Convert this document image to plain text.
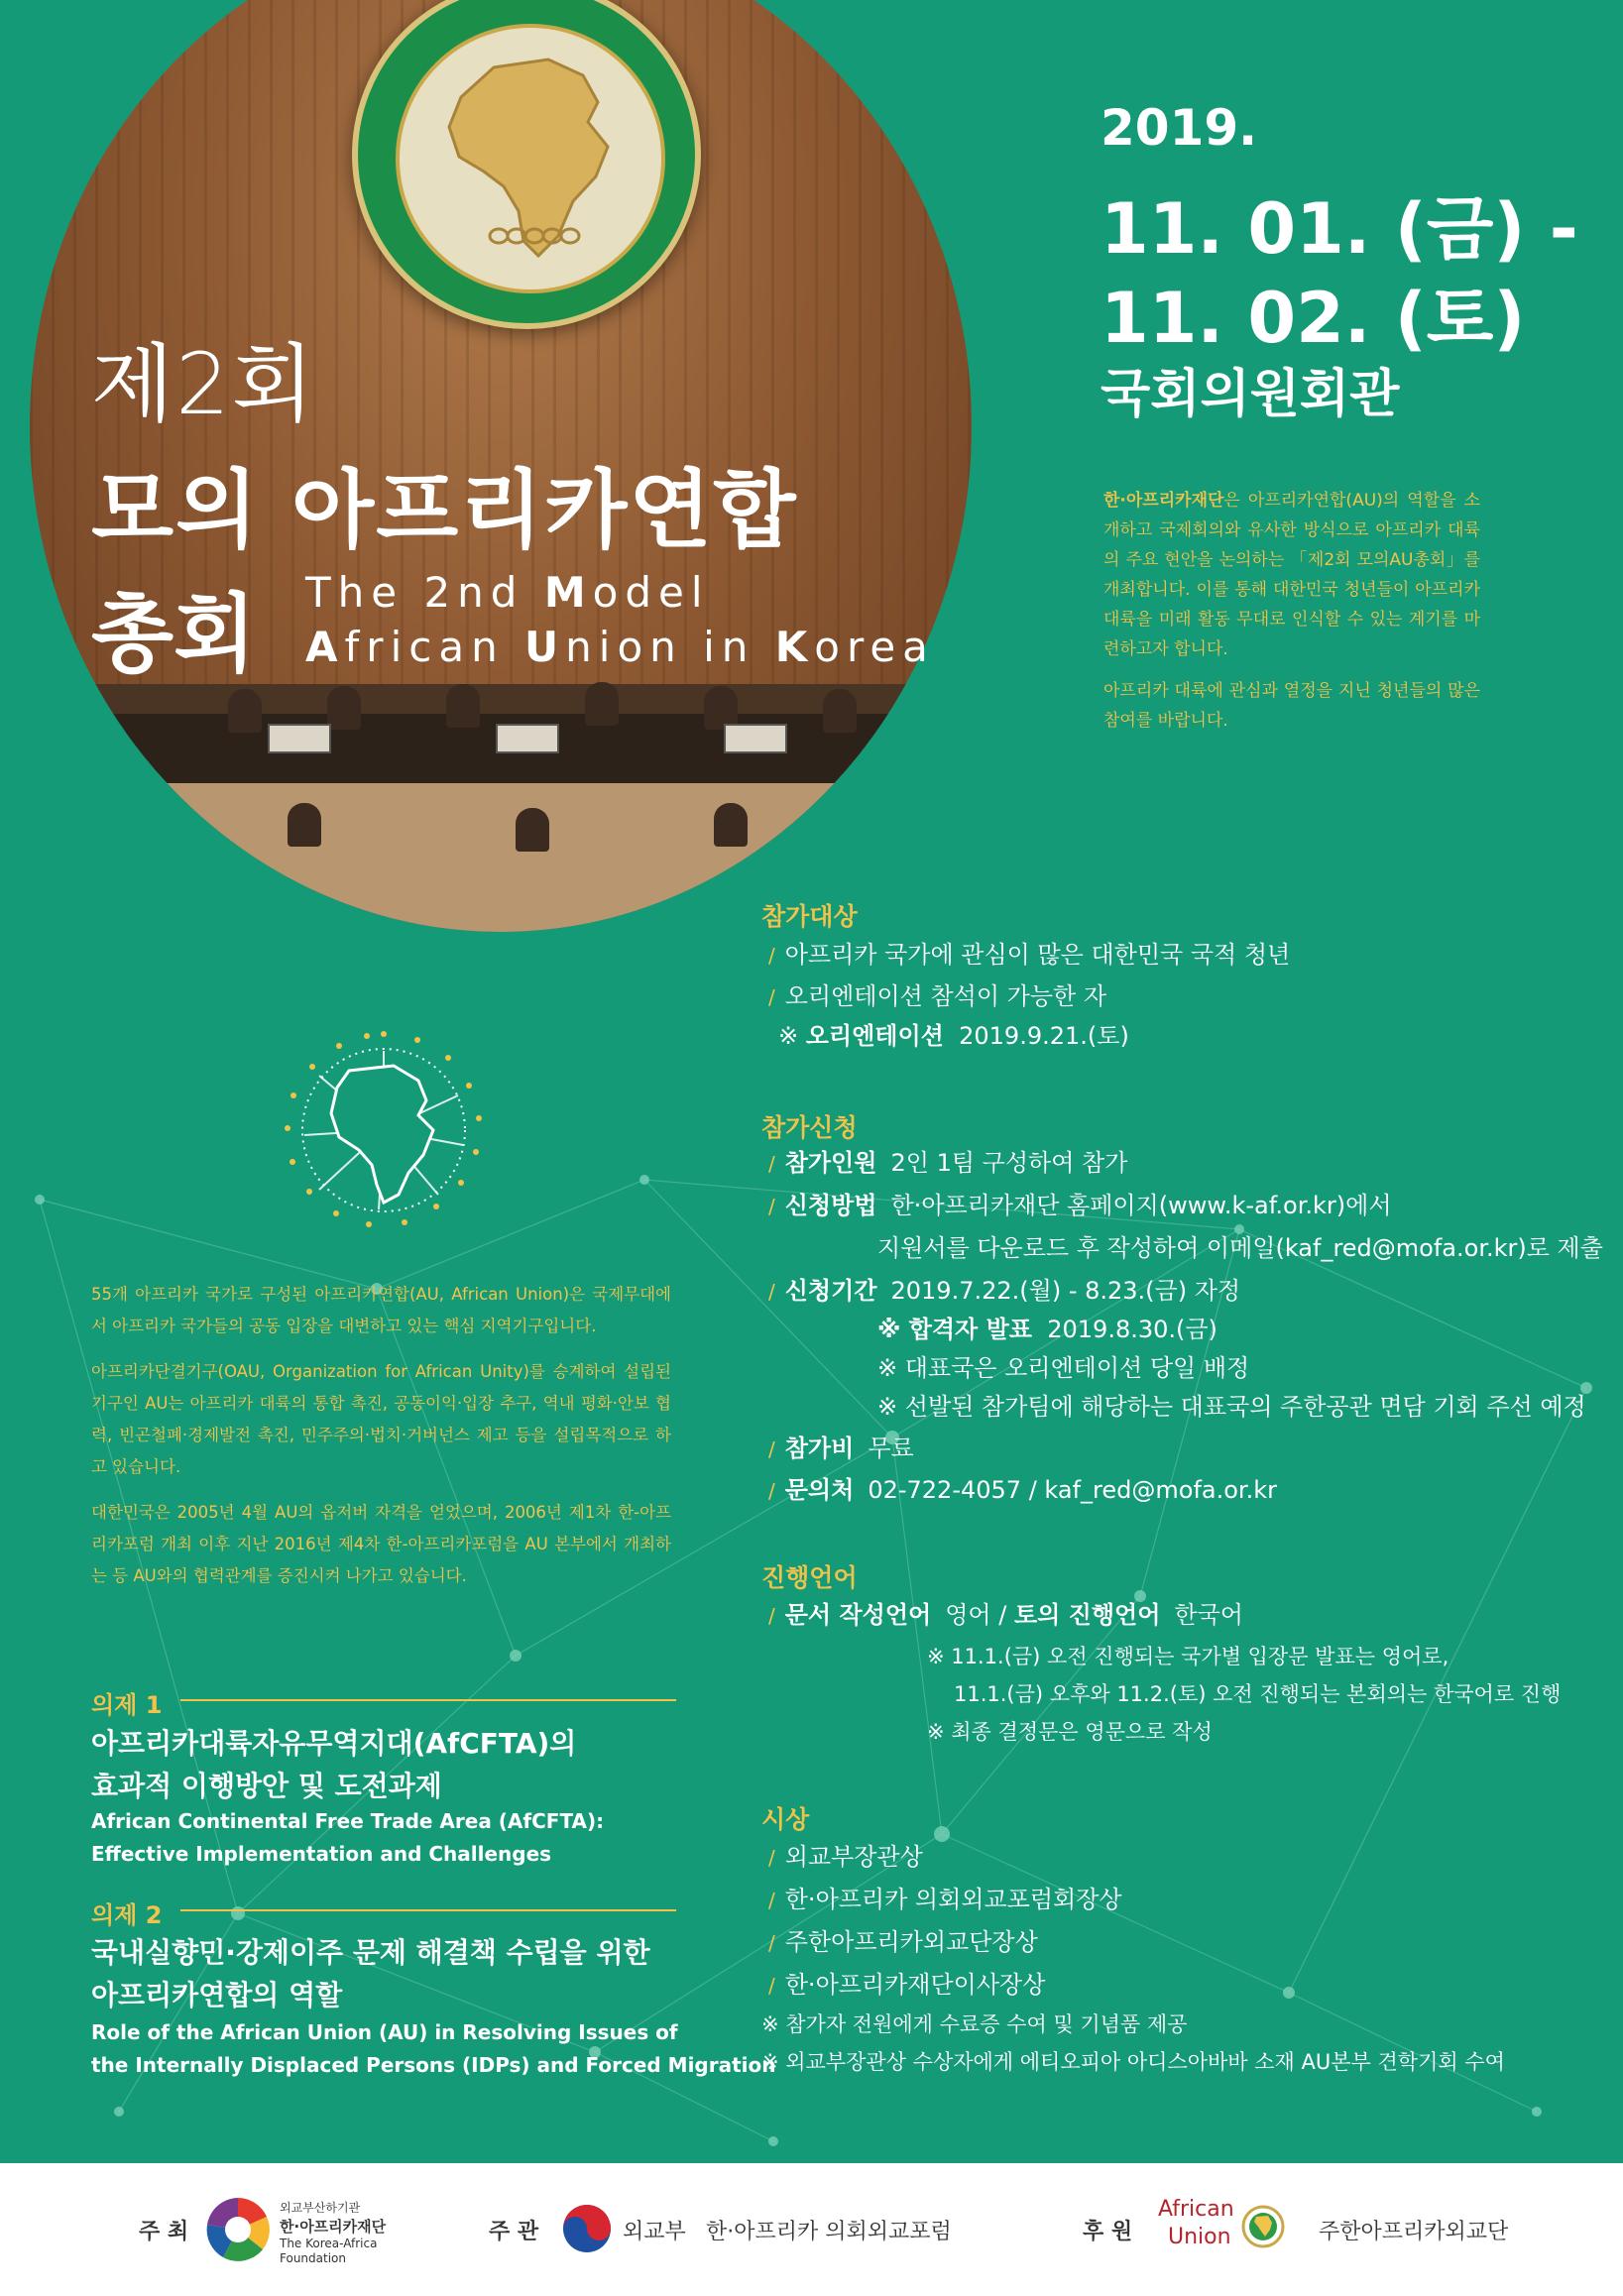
제2회
모의 아프리카연합
총회 The 2nd Model
African Union in Korea
2019.
11. 01. (금) -
11. 02. (토)
국회의원회관

한·아프리카재단은 아프리카연합(AU)의 역할을 소개하고 국제회의와 유사한 방식으로 아프리카 대륙의 주요 현안을 논의하는 「제2회 모의AU총회」를 개최합니다. 이를 통해 대한민국 청년들이 아프리카 대륙을 미래 활동 무대로 인식할 수 있는 계기를 마련하고자 합니다.

아프리카 대륙에 관심과 열정을 지닌 청년들의 많은 참여를 바랍니다.

55개 아프리카 국가로 구성된 아프리카연합(AU, African Union)은 국제무대에서 아프리카 국가들의 공동 입장을 대변하고 있는 핵심 지역기구입니다.

아프리카단결기구(OAU, Organization for African Unity)를 승계하여 설립된 기구인 AU는 아프리카 대륙의 통합 촉진, 공동이익·입장 추구, 역내 평화·안보 협력, 빈곤철폐·경제발전 촉진, 민주주의·법치·거버넌스 제고 등을 설립목적으로 하고 있습니다.

대한민국은 2005년 4월 AU의 옵저버 자격을 얻었으며, 2006년 제1차 한-아프리카포럼 개최 이후 지난 2016년 제4차 한-아프리카포럼을 AU 본부에서 개최하는 등 AU와의 협력관계를 증진시켜 나가고 있습니다.

의제 1
아프리카대륙자유무역지대(AfCFTA)의
효과적 이행방안 및 도전과제
African Continental Free Trade Area (AfCFTA):
Effective Implementation and Challenges
의제 2
국내실향민·강제이주 문제 해결책 수립을 위한
아프리카연합의 역할
Role of the African Union (AU) in Resolving Issues of
the Internally Displaced Persons (IDPs) and Forced Migration
참가대상
/ 아프리카 국가에 관심이 많은 대한민국 국적 청년
/ 오리엔테이션 참석이 가능한 자
※ 오리엔테이션 2019.9.21.(토)
참가신청
/ 참가인원 2인 1팀 구성하여 참가
/ 신청방법 한·아프리카재단 홈페이지(www.k-af.or.kr)에서
지원서를 다운로드 후 작성하여 이메일(kaf_red@mofa.or.kr)로 제출
/ 신청기간 2019.7.22.(월) - 8.23.(금) 자정
※ 합격자 발표 2019.8.30.(금)
※ 대표국은 오리엔테이션 당일 배정
※ 선발된 참가팀에 해당하는 대표국의 주한공관 면담 기회 주선 예정
/ 참가비 무료
/ 문의처 02-722-4057 / kaf_red@mofa.or.kr
진행언어
/ 문서 작성언어 영어 / 토의 진행언어 한국어
※ 11.1.(금) 오전 진행되는 국가별 입장문 발표는 영어로,
11.1.(금) 오후와 11.2.(토) 오전 진행되는 본회의는 한국어로 진행
※ 최종 결정문은 영문으로 작성
시상
/ 외교부장관상
/ 한·아프리카 의회외교포럼회장상
/ 주한아프리카외교단장상
/ 한·아프리카재단이사장상
※ 참가자 전원에게 수료증 수여 및 기념품 제공
※ 외교부장관상 수상자에게 에티오피아 아디스아바바 소재 AU본부 견학기회 수여
주 최
외교부산하기관
한·아프리카재단
The Korea-Africa
Foundation
주 관	외교부 한·아프리카 의회외교포럼	후 원
African
Union	주한아프리카외교단
